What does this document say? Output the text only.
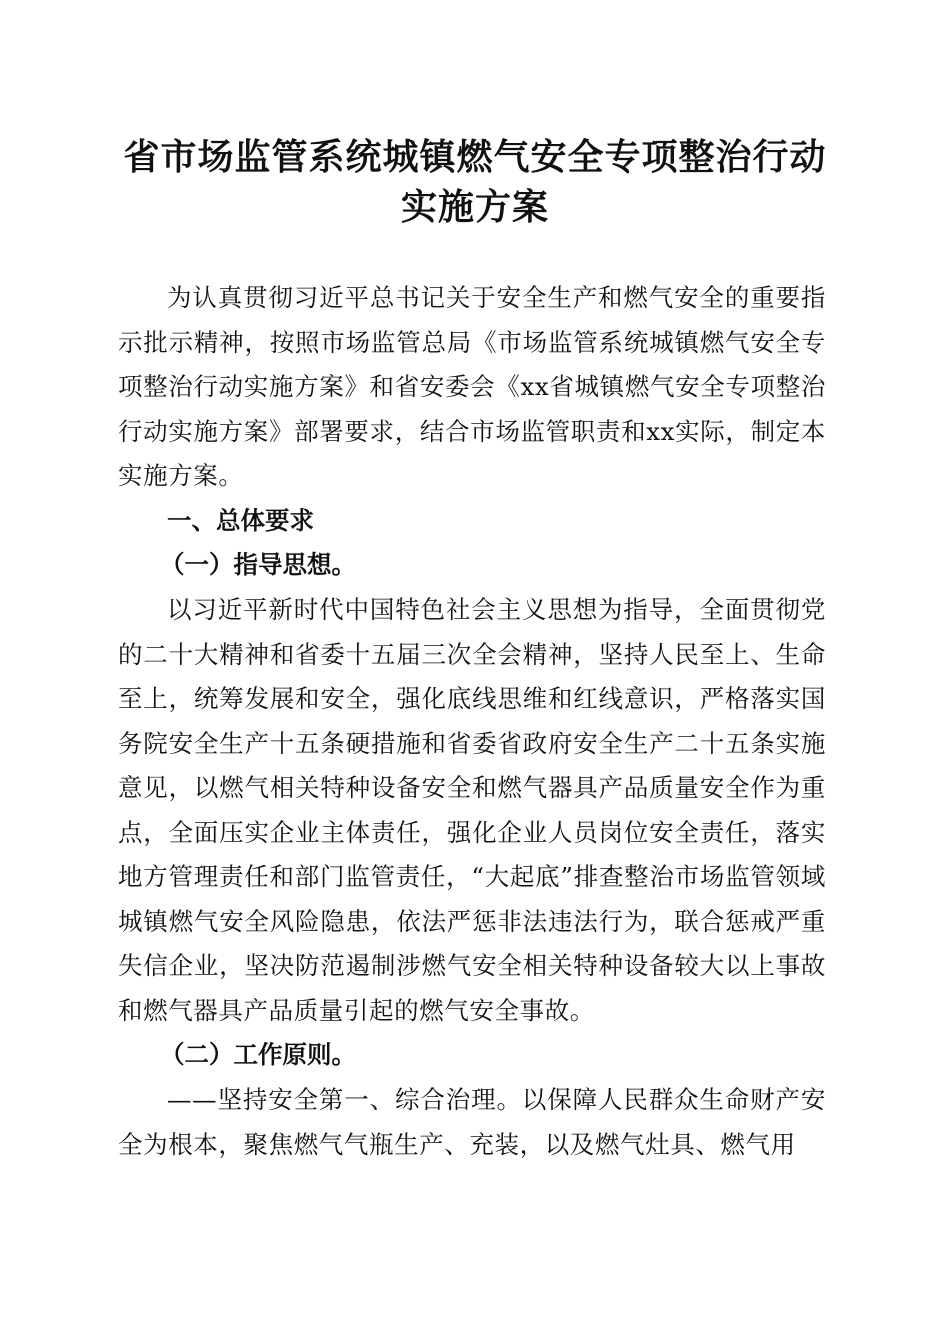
省市场监管系统城镇燃气安全专项整治行动实施方案

为认真贯彻习近平总书记关于安全生产和燃气安全的重要指示批示精神，按照市场监管总局《市场监管系统城镇燃气安全专项整治行动实施方案》和省安委会《xx省城镇燃气安全专项整治行动实施方案》部署要求，结合市场监管职责和xx实际，制定本实施方案。

一、总体要求
（一）指导思想。

以习近平新时代中国特色社会主义思想为指导，全面贯彻党的二十大精神和省委十五届三次全会精神，坚持人民至上、生命至上，统筹发展和安全，强化底线思维和红线意识，严格落实国务院安全生产十五条硬措施和省委省政府安全生产二十五条实施意见，以燃气相关特种设备安全和燃气器具产品质量安全作为重点，全面压实企业主体责任，强化企业人员岗位安全责任，落实地方管理责任和部门监管责任，“大起底”排查整治市场监管领域城镇燃气安全风险隐患，依法严惩非法违法行为，联合惩戒严重失信企业，坚决防范遏制涉燃气安全相关特种设备较大以上事故和燃气器具产品质量引起的燃气安全事故。

（二）工作原则。

——坚持安全第一、综合治理。以保障人民群众生命财产安全为根本，聚焦燃气气瓶生产、充装，以及燃气灶具、燃气用
